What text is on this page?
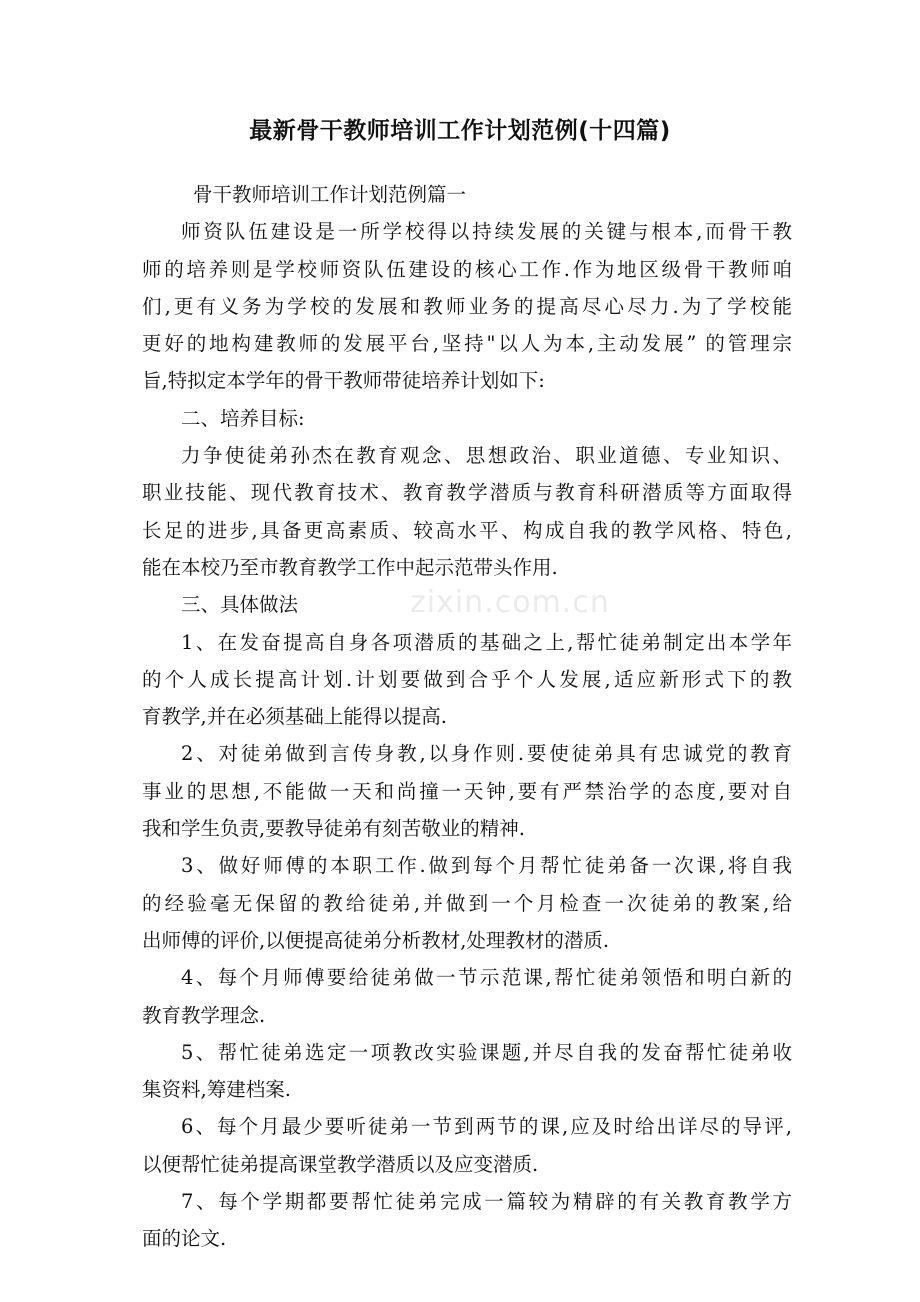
最新骨干教师培训工作计划范例(十四篇)
zixin.com.cn
骨干教师培训工作计划范例篇一
师资队伍建设是一所学校得以持续发展的关键与根本,而骨干教
师的培养则是学校师资队伍建设的核心工作.作为地区级骨干教师咱
们,更有义务为学校的发展和教师业务的提高尽心尽力.为了学校能
更好的地构建教师的发展平台,坚持"以人为本,主动发展” 的管理宗
旨,特拟定本学年的骨干教师带徒培养计划如下:
二、培养目标:
力争使徒弟孙杰在教育观念、思想政治、职业道德、专业知识、
职业技能、现代教育技术、教育教学潜质与教育科研潜质等方面取得
长足的进步,具备更高素质、较高水平、构成自我的教学风格、特色,
能在本校乃至市教育教学工作中起示范带头作用.
三、具体做法
1、在发奋提高自身各项潜质的基础之上,帮忙徒弟制定出本学年
的个人成长提高计划.计划要做到合乎个人发展,适应新形式下的教
育教学,并在必须基础上能得以提高.
2、对徒弟做到言传身教,以身作则.要使徒弟具有忠诚党的教育
事业的思想,不能做一天和尚撞一天钟,要有严禁治学的态度,要对自
我和学生负责,要教导徒弟有刻苦敬业的精神.
3、做好师傅的本职工作.做到每个月帮忙徒弟备一次课,将自我
的经验毫无保留的教给徒弟,并做到一个月检查一次徒弟的教案,给
出师傅的评价,以便提高徒弟分析教材,处理教材的潜质.
4、每个月师傅要给徒弟做一节示范课,帮忙徒弟领悟和明白新的
教育教学理念.
5、帮忙徒弟选定一项教改实验课题,并尽自我的发奋帮忙徒弟收
集资料,筹建档案.
6、每个月最少要听徒弟一节到两节的课,应及时给出详尽的导评,
以便帮忙徒弟提高课堂教学潜质以及应变潜质.
7、每个学期都要帮忙徒弟完成一篇较为精辟的有关教育教学方
面的论文.
